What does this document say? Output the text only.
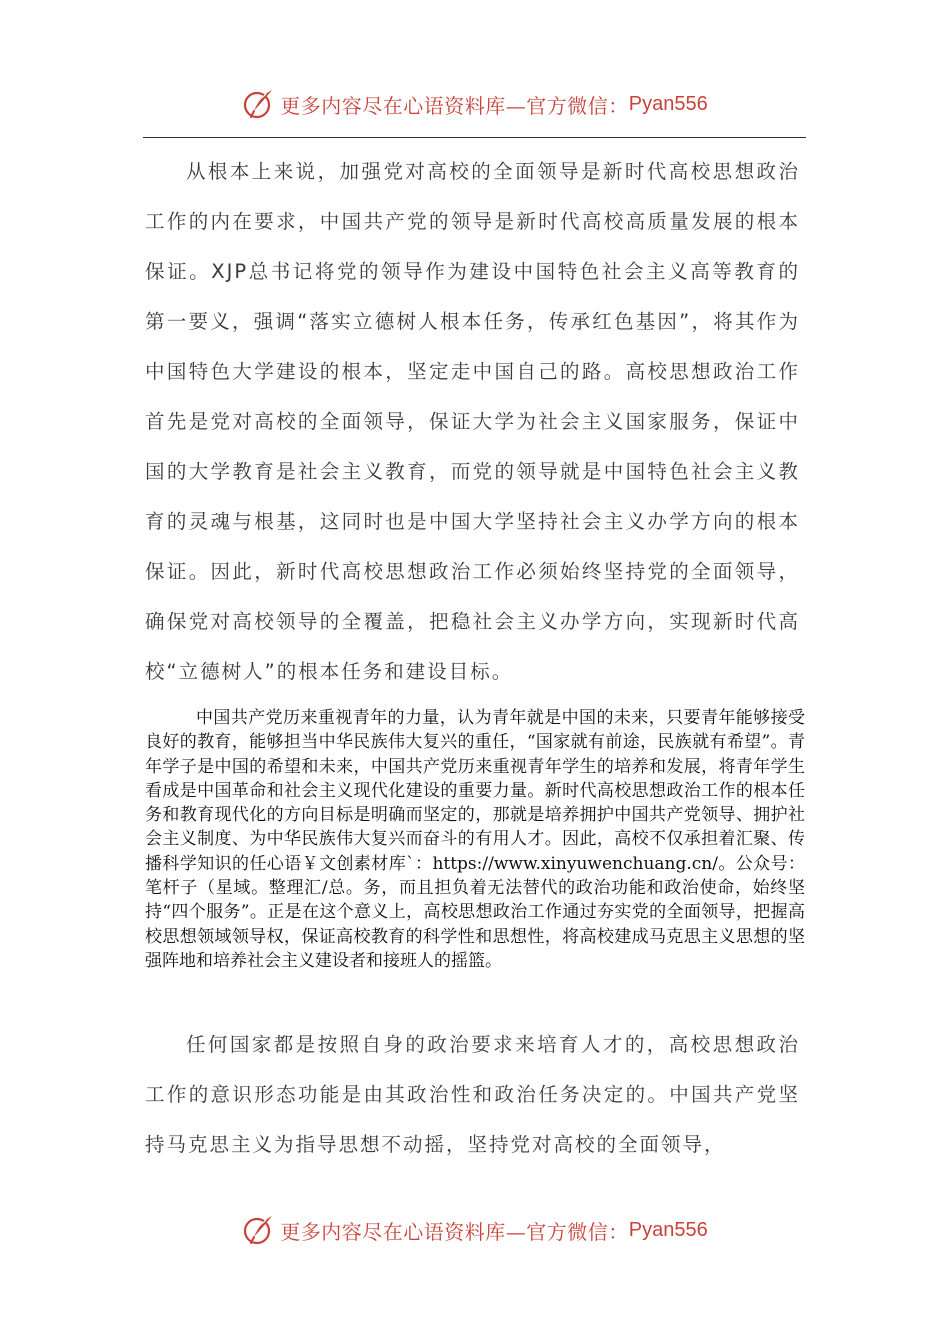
更多内容尽在心语资料库—官方微信： Pyan556

从根本上来说，加强党对高校的全面领导是新时代高校思想政治工作的内在要求，中国共产党的领导是新时代高校高质量发展的根本保证。XJP总书记将党的领导作为建设中国特色社会主义高等教育的第一要义，强调“落实立德树人根本任务，传承红色基因”，将其作为中国特色大学建设的根本，坚定走中国自己的路。高校思想政治工作首先是党对高校的全面领导，保证大学为社会主义国家服务，保证中国的大学教育是社会主义教育，而党的领导就是中国特色社会主义教育的灵魂与根基，这同时也是中国大学坚持社会主义办学方向的根本保证。因此，新时代高校思想政治工作必须始终坚持党的全面领导，确保党对高校领导的全覆盖，把稳社会主义办学方向，实现新时代高校“立德树人”的根本任务和建设目标。

中国共产党历来重视青年的力量，认为青年就是中国的未来，只要青年能够接受良好的教育，能够担当中华民族伟大复兴的重任，“国家就有前途，民族就有希望”。青年学子是中国的希望和未来，中国共产党历来重视青年学生的培养和发展，将青年学生看成是中国革命和社会主义现代化建设的重要力量。新时代高校思想政治工作的根本任务和教育现代化的方向目标是明确而坚定的，那就是培养拥护中国共产党领导、拥护社会主义制度、为中华民族伟大复兴而奋斗的有用人才。因此，高校不仅承担着汇聚、传播科学知识的任心语￥文创素材库`：https://www.xinyuwenchuang.cn/。公众号：笔杆子（星域。整理汇/总。务，而且担负着无法替代的政治功能和政治使命，始终坚持“四个服务”。正是在这个意义上，高校思想政治工作通过夯实党的全面领导，把握高校思想领域领导权，保证高校教育的科学性和思想性，将高校建成马克思主义思想的坚强阵地和培养社会主义建设者和接班人的摇篮。

任何国家都是按照自身的政治要求来培育人才的，高校思想政治工作的意识形态功能是由其政治性和政治任务决定的。中国共产党坚持马克思主义为指导思想不动摇，坚持党对高校的全面领导，

更多内容尽在心语资料库—官方微信： Pyan556
